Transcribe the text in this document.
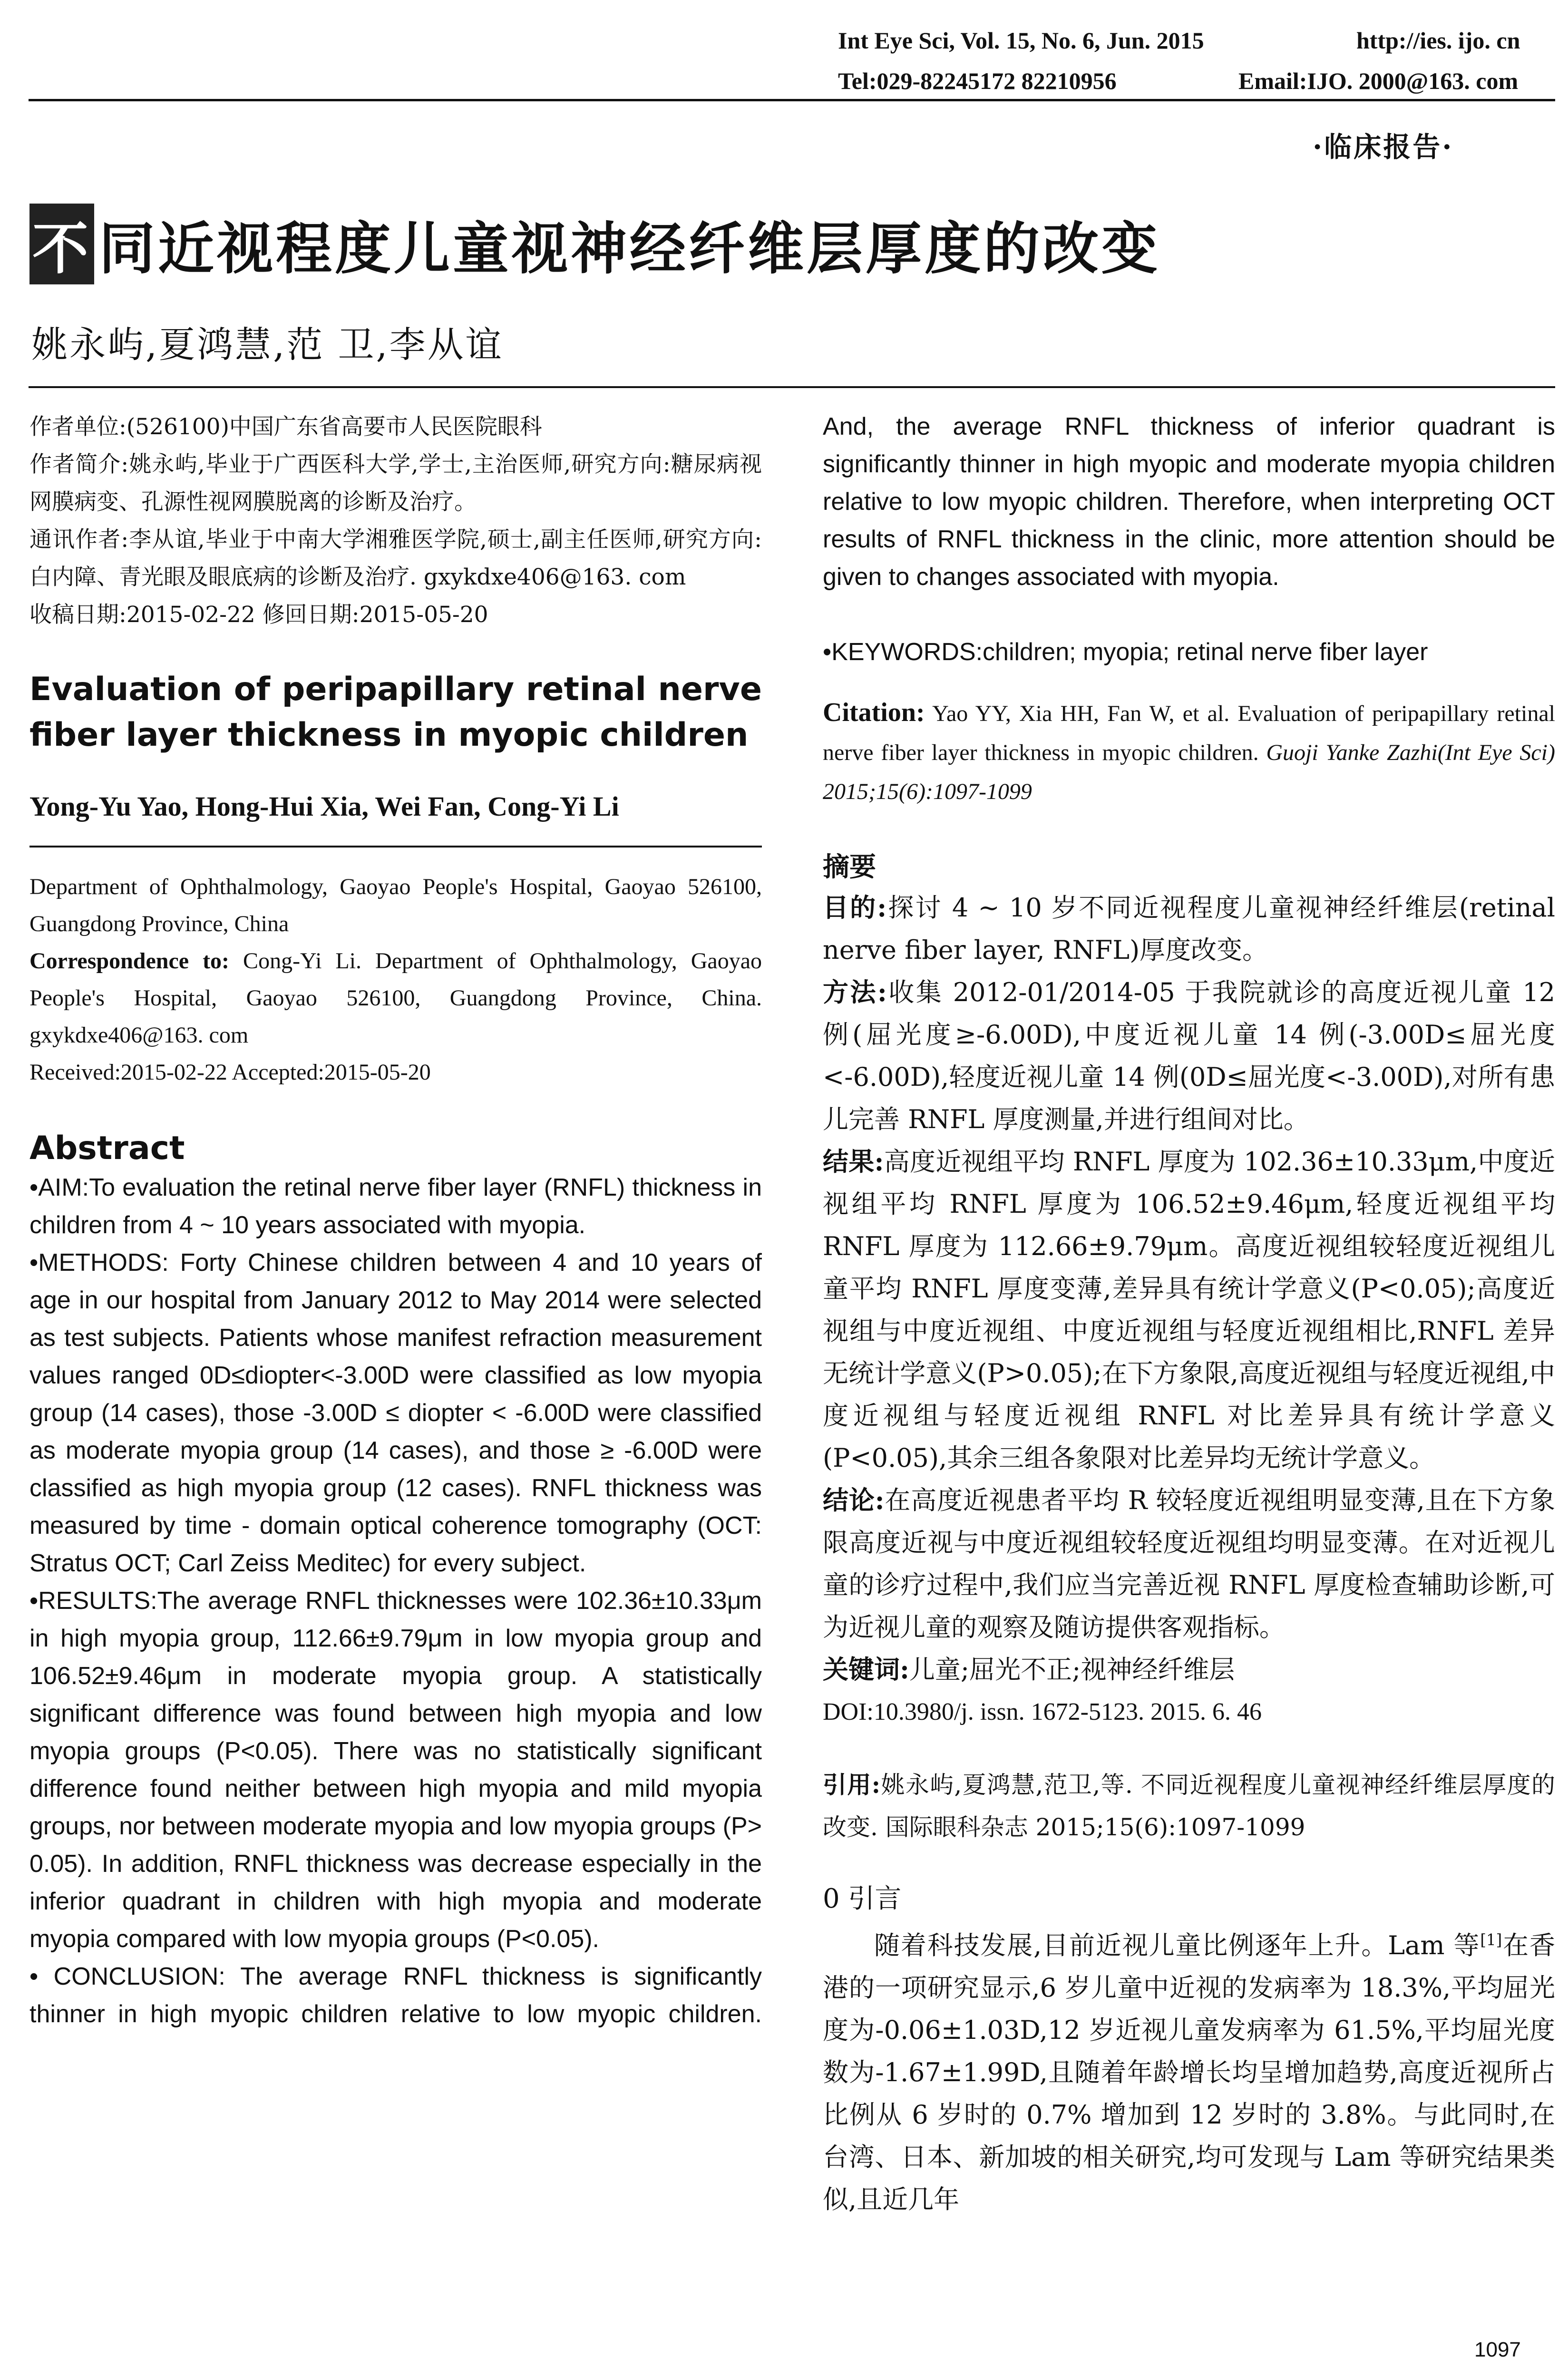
Int Eye Sci, Vol. 15, No. 6, Jun. 2015	http://ies. ijo. cn
Tel:029-82245172 82210956	Email:IJO. 2000@163. com
·临床报告·
不 同近视程度儿童视神经纤维层厚度的改变
姚永屿,夏鸿慧,范 卫,李从谊
作者单位:(526100)中国广东省高要市人民医院眼科
作者简介:姚永屿,毕业于广西医科大学,学士,主治医师,研究方向:糖尿病视网膜病变、孔源性视网膜脱离的诊断及治疗。
通讯作者:李从谊,毕业于中南大学湘雅医学院,硕士,副主任医师,研究方向:白内障、青光眼及眼底病的诊断及治疗. gxykdxe406@163. com
收稿日期:2015-02-22 修回日期:2015-05-20
Evaluation of peripapillary retinal nerve fiber layer thickness in myopic children
Yong-Yu Yao, Hong-Hui Xia, Wei Fan, Cong-Yi Li
Department of Ophthalmology, Gaoyao People's Hospital, Gaoyao 526100, Guangdong Province, China
Correspondence to: Cong-Yi Li. Department of Ophthalmology, Gaoyao People's Hospital, Gaoyao 526100, Guangdong Province, China. gxykdxe406@163. com
Received:2015-02-22 Accepted:2015-05-20
Abstract

•AIM:To evaluation the retinal nerve fiber layer (RNFL) thickness in children from 4 ~ 10 years associated with myopia.

•METHODS: Forty Chinese children between 4 and 10 years of age in our hospital from January 2012 to May 2014 were selected as test subjects. Patients whose manifest refraction measurement values ranged 0D≤diopter<-3.00D were classified as low myopia group (14 cases), those -3.00D ≤ diopter < -6.00D were classified as moderate myopia group (14 cases), and those ≥ -6.00D were classified as high myopia group (12 cases). RNFL thickness was measured by time - domain optical coherence tomography (OCT: Stratus OCT; Carl Zeiss Meditec) for every subject.

•RESULTS:The average RNFL thicknesses were 102.36±10.33μm in high myopia group, 112.66±9.79μm in low myopia group and 106.52±9.46μm in moderate myopia group. A statistically significant difference was found between high myopia and low myopia groups (P<0.05). There was no statistically significant difference found neither between high myopia and mild myopia groups, nor between moderate myopia and low myopia groups (P> 0.05). In addition, RNFL thickness was decrease especially in the inferior quadrant in children with high myopia and moderate myopia compared with low myopia groups (P<0.05).

• CONCLUSION: The average RNFL thickness is significantly thinner in high myopic children relative to low myopic children.

And, the average RNFL thickness of inferior quadrant is significantly thinner in high myopic and moderate myopia children relative to low myopic children. Therefore, when interpreting OCT results of RNFL thickness in the clinic, more attention should be given to changes associated with myopia.

•KEYWORDS:children; myopia; retinal nerve fiber layer

Citation: Yao YY, Xia HH, Fan W, et al. Evaluation of peripapillary retinal nerve fiber layer thickness in myopic children. Guoji Yanke Zazhi(Int Eye Sci) 2015;15(6):1097-1099
摘要

目的:探讨 4 ~ 10 岁不同近视程度儿童视神经纤维层(retinal nerve fiber layer, RNFL)厚度改变。

方法:收集 2012-01/2014-05 于我院就诊的高度近视儿童 12 例(屈光度≥-6.00D),中度近视儿童 14 例(-3.00D≤屈光度<-6.00D),轻度近视儿童 14 例(0D≤屈光度<-3.00D),对所有患儿完善 RNFL 厚度测量,并进行组间对比。

结果:高度近视组平均 RNFL 厚度为 102.36±10.33μm,中度近视组平均 RNFL 厚度为 106.52±9.46μm,轻度近视组平均 RNFL 厚度为 112.66±9.79μm。高度近视组较轻度近视组儿童平均 RNFL 厚度变薄,差异具有统计学意义(P<0.05);高度近视组与中度近视组、中度近视组与轻度近视组相比,RNFL 差异无统计学意义(P>0.05);在下方象限,高度近视组与轻度近视组,中度近视组与轻度近视组 RNFL 对比差异具有统计学意义(P<0.05),其余三组各象限对比差异均无统计学意义。

结论:在高度近视患者平均 R 较轻度近视组明显变薄,且在下方象限高度近视与中度近视组较轻度近视组均明显变薄。在对近视儿童的诊疗过程中,我们应当完善近视 RNFL 厚度检查辅助诊断,可为近视儿童的观察及随访提供客观指标。

关键词:儿童;屈光不正;视神经纤维层

DOI:10.3980/j. issn. 1672-5123. 2015. 6. 46

引用:姚永屿,夏鸿慧,范卫,等. 不同近视程度儿童视神经纤维层厚度的改变. 国际眼科杂志 2015;15(6):1097-1099
0 引言

随着科技发展,目前近视儿童比例逐年上升。Lam 等[1]在香港的一项研究显示,6 岁儿童中近视的发病率为 18.3%,平均屈光度为-0.06±1.03D,12 岁近视儿童发病率为 61.5%,平均屈光度数为-1.67±1.99D,且随着年龄增长均呈增加趋势,高度近视所占比例从 6 岁时的 0.7% 增加到 12 岁时的 3.8%。与此同时,在台湾、日本、新加坡的相关研究,均可发现与 Lam 等研究结果类似,且近几年

1097
